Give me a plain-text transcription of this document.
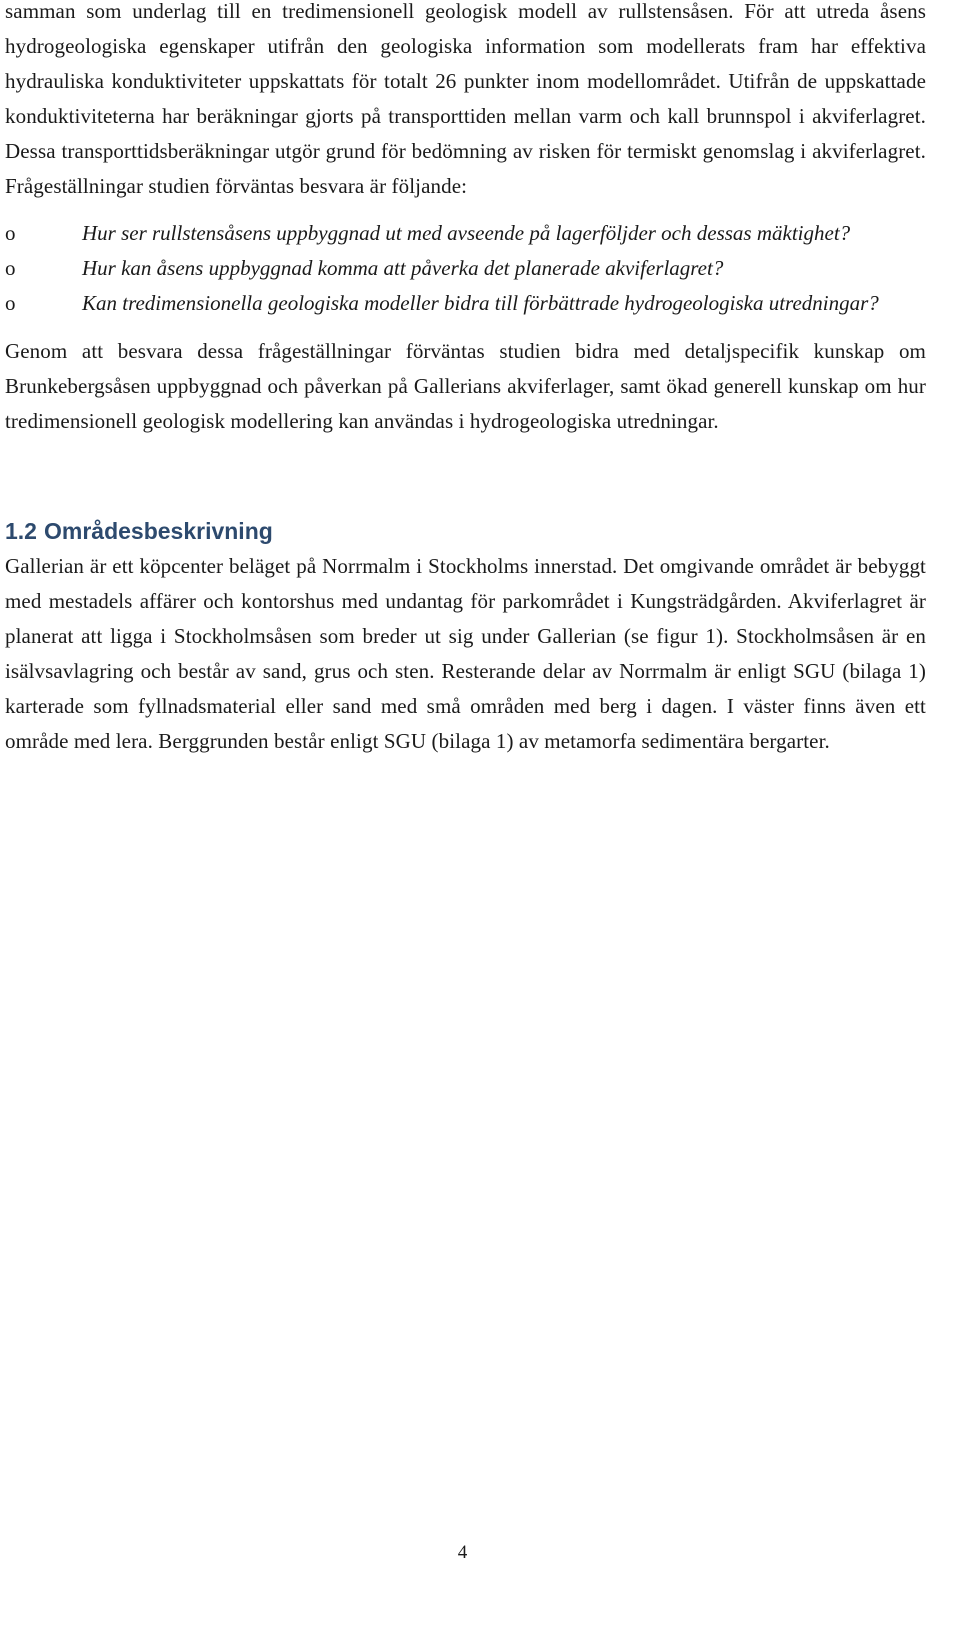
samman som underlag till en tredimensionell geologisk modell av rullstensåsen. För att utreda åsens hydrogeologiska egenskaper utifrån den geologiska information som modellerats fram har effektiva hydrauliska konduktiviteter uppskattats för totalt 26 punkter inom modellområdet. Utifrån de uppskattade konduktiviteterna har beräkningar gjorts på transporttiden mellan varm och kall brunnspol i akviferlagret. Dessa transporttidsberäkningar utgör grund för bedömning av risken för termiskt genomslag i akviferlagret. Frågeställningar studien förväntas besvara är följande:

o	Hur ser rullstensåsens uppbyggnad ut med avseende på lagerföljder och dessas mäktighet?
o	Hur kan åsens uppbyggnad komma att påverka det planerade akviferlagret?
o	Kan tredimensionella geologiska modeller bidra till förbättrade hydrogeologiska utredningar?

Genom att besvara dessa frågeställningar förväntas studien bidra med detaljspecifik kunskap om Brunkebergsåsen uppbyggnad och påverkan på Gallerians akviferlager, samt ökad generell kunskap om hur tredimensionell geologisk modellering kan användas i hydrogeologiska utredningar.

1.2 Områdesbeskrivning

Gallerian är ett köpcenter beläget på Norrmalm i Stockholms innerstad. Det omgivande området är bebyggt med mestadels affärer och kontorshus med undantag för parkområdet i Kungsträdgården. Akviferlagret är planerat att ligga i Stockholmsåsen som breder ut sig under Gallerian (se figur 1). Stockholmsåsen är en isälvsavlagring och består av sand, grus och sten. Resterande delar av Norrmalm är enligt SGU (bilaga 1) karterade som fyllnadsmaterial eller sand med små områden med berg i dagen. I väster finns även ett område med lera. Berggrunden består enligt SGU (bilaga 1) av metamorfa sedimentära bergarter.

4
